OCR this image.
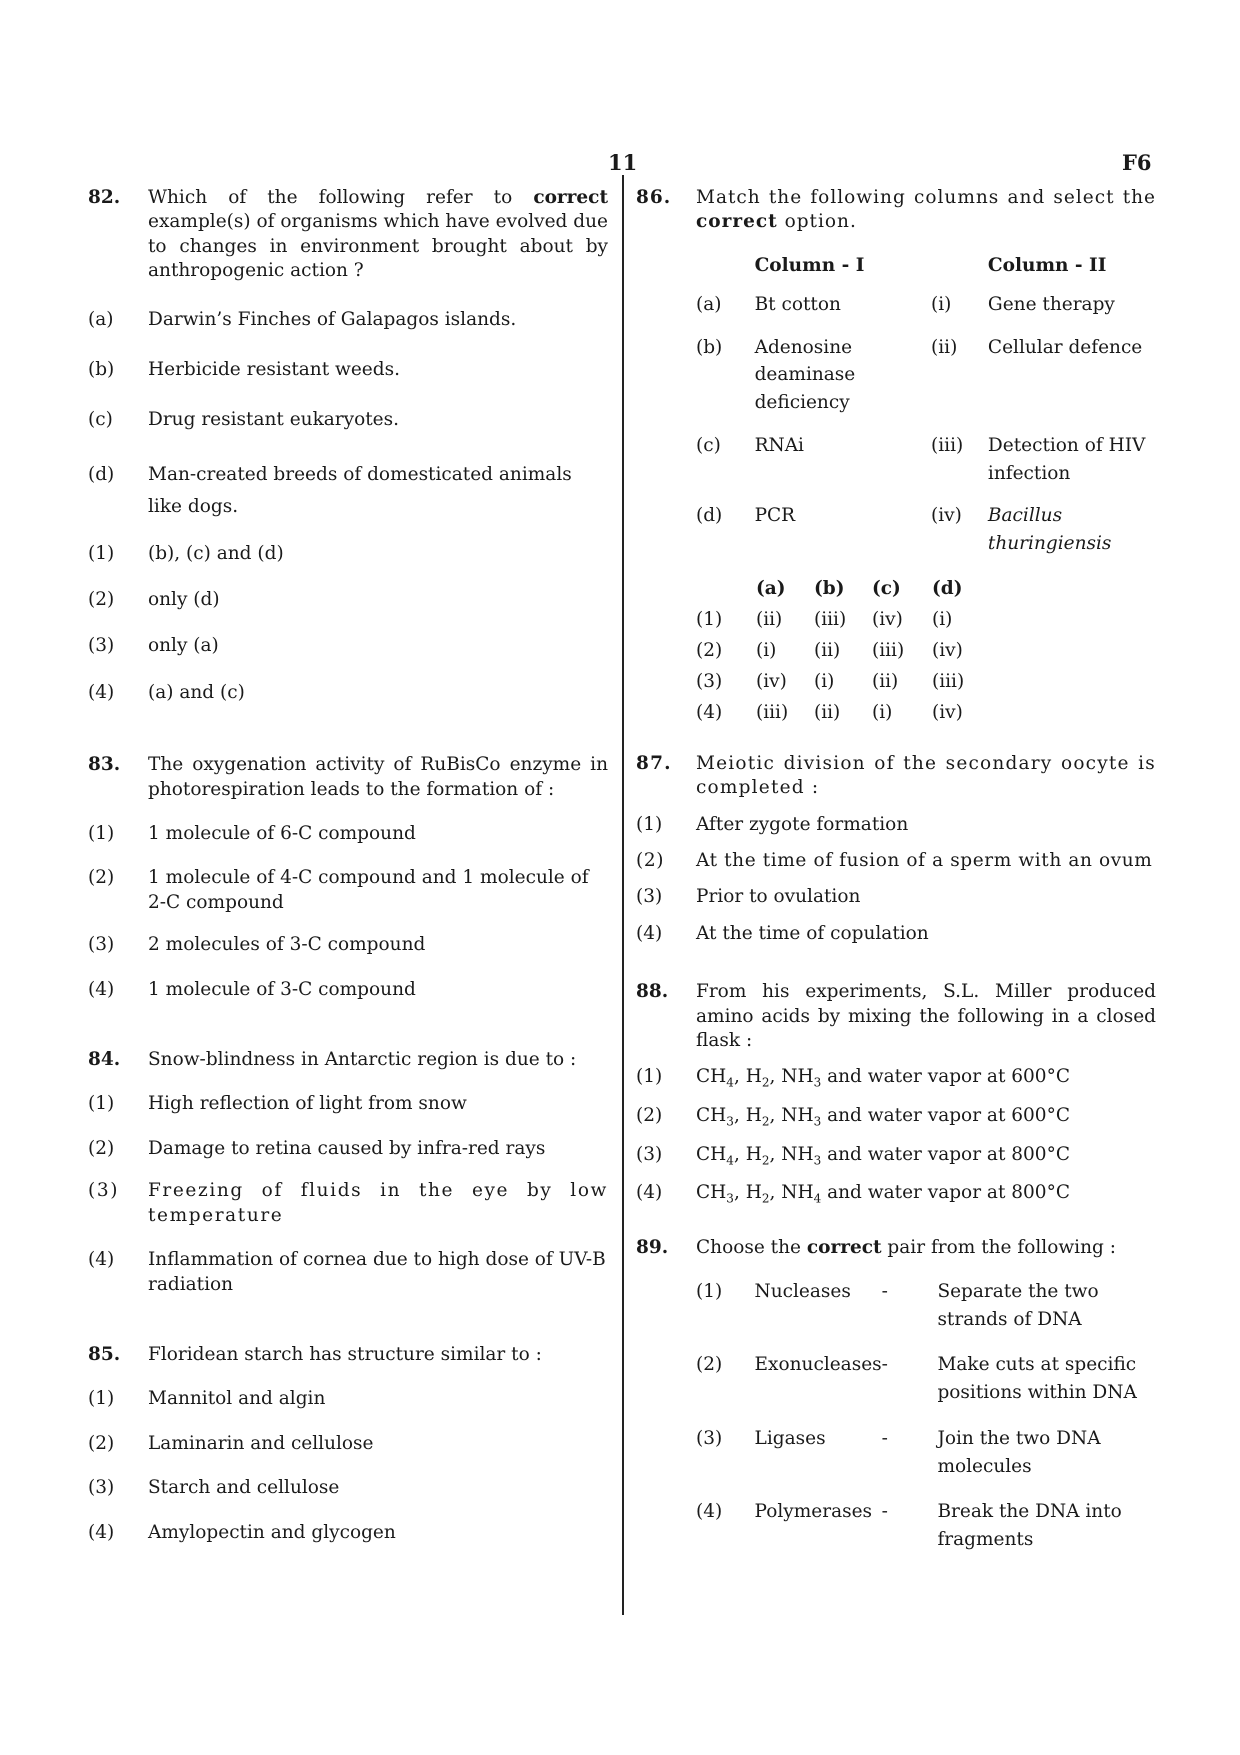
11	F6
82. Which of the following refer to correct example(s) of organisms which have evolved due to changes in environment brought about by anthropogenic action ?
(a) Darwin’s Finches of Galapagos islands.
(b) Herbicide resistant weeds.
(c) Drug resistant eukaryotes.
(d) Man-created breeds of domesticated animals like dogs.
(1) (b), (c) and (d)
(2) only (d)
(3) only (a)
(4) (a) and (c)
83. The oxygenation activity of RuBisCo enzyme in photorespiration leads to the formation of :
(1) 1 molecule of 6-C compound
(2) 1 molecule of 4-C compound and 1 molecule of 2-C compound
(3) 2 molecules of 3-C compound
(4) 1 molecule of 3-C compound
84. Snow-blindness in Antarctic region is due to :
(1) High reflection of light from snow
(2) Damage to retina caused by infra-red rays
(3) Freezing of fluids in the eye by low temperature
(4) Inflammation of cornea due to high dose of UV-B radiation
85. Floridean starch has structure similar to :
(1) Mannitol and algin
(2) Laminarin and cellulose
(3) Starch and cellulose
(4) Amylopectin and glycogen
86. Match the following columns and select the correct option.
	Column - I		Column - II
(a)	Bt cotton	(i)	Gene therapy
(b)	Adenosine deaminase deficiency	(ii)	Cellular defence
(c)	RNAi	(iii)	Detection of HIV infection
(d)	PCR	(iv)	Bacillus thuringiensis
	(a)	(b)	(c)	(d)
(1)	(ii)	(iii)	(iv)	(i)
(2)	(i)	(ii)	(iii)	(iv)
(3)	(iv)	(i)	(ii)	(iii)
(4)	(iii)	(ii)	(i)	(iv)
87. Meiotic division of the secondary oocyte is completed :
(1) After zygote formation
(2) At the time of fusion of a sperm with an ovum
(3) Prior to ovulation
(4) At the time of copulation
88. From his experiments, S.L. Miller produced amino acids by mixing the following in a closed flask :
(1) $CH_4$, $H_2$, $NH_3$ and water vapor at 600°C
(2) $CH_3$, $H_2$, $NH_3$ and water vapor at 600°C
(3) $CH_4$, $H_2$, $NH_3$ and water vapor at 800°C
(4) $CH_3$, $H_2$, $NH_4$ and water vapor at 800°C
89. Choose the correct pair from the following :
(1)	Nucleases	-	Separate the two strands of DNA
(2)	Exonucleases	-	Make cuts at specific positions within DNA
(3)	Ligases	-	Join the two DNA molecules
(4)	Polymerases	-	Break the DNA into fragments
